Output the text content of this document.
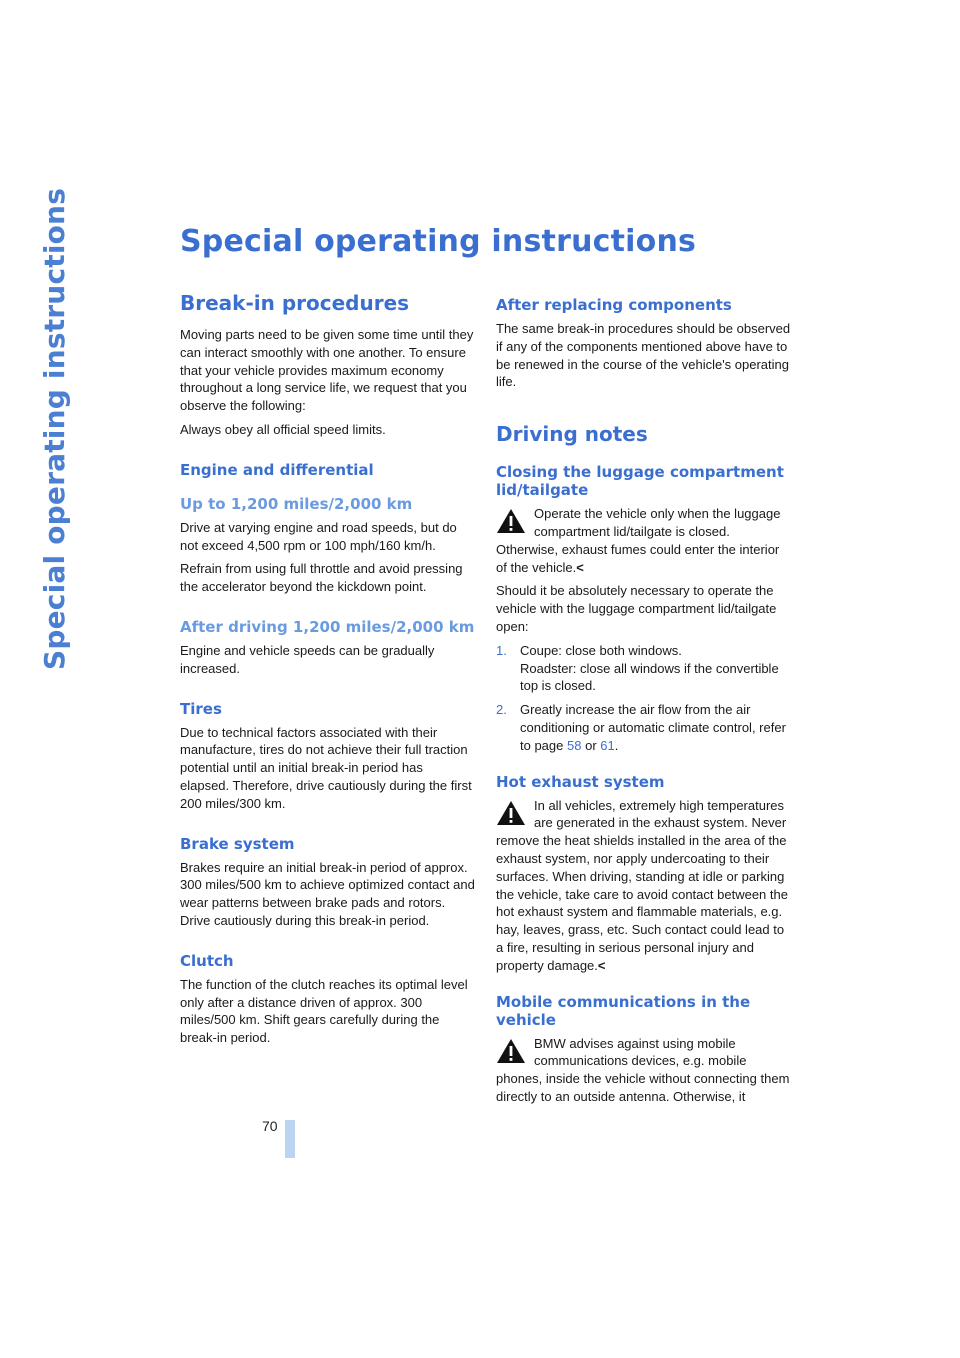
Special operating instructions	Special operating instructions
Break-in procedures

Moving parts need to be given some time until they can interact smoothly with one another. To ensure that your vehicle provides maximum economy throughout a long service life, we request that you observe the following:

Always obey all official speed limits.

Engine and differential
Up to 1,200 miles/2,000 km

Drive at varying engine and road speeds, but do not exceed 4,500 rpm or 100 mph/160 km/h.

Refrain from using full throttle and avoid pressing the accelerator beyond the kickdown point.

After driving 1,200 miles/2,000 km

Engine and vehicle speeds can be gradually increased.

Tires

Due to technical factors associated with their manufacture, tires do not achieve their full traction potential until an initial break-in period has elapsed. Therefore, drive cautiously during the first 200 miles/300 km.

Brake system

Brakes require an initial break-in period of approx. 300 miles/500 km to achieve optimized contact and wear patterns between brake pads and rotors. Drive cautiously during this break-in period.

Clutch

The function of the clutch reaches its optimal level only after a distance driven of approx. 300 miles/500 km. Shift gears carefully during the break-in period.

After replacing components

The same break-in procedures should be observed if any of the components mentioned above have to be renewed in the course of the vehicle's operating life.

Driving notes
Closing the luggage compartment lid/tailgate

Operate the vehicle only when the luggage compartment lid/tailgate is closed. Otherwise, exhaust fumes could enter the interior of the vehicle.<

Should it be absolutely necessary to operate the vehicle with the luggage compartment lid/tailgate open:

1. Coupe: close both windows.
Roadster: close all windows if the convertible top is closed.
2. Greatly increase the air flow from the air conditioning or automatic climate control, refer to page 58 or 61.
Hot exhaust system

In all vehicles, extremely high temperatures are generated in the exhaust system. Never remove the heat shields installed in the area of the exhaust system, nor apply undercoating to their surfaces. When driving, standing at idle or parking the vehicle, take care to avoid contact between the hot exhaust system and flammable materials, e.g. hay, leaves, grass, etc. Such contact could lead to a fire, resulting in serious personal injury and property damage.<

Mobile communications in the vehicle

BMW advises against using mobile communications devices, e.g. mobile phones, inside the vehicle without connecting them directly to an outside antenna. Otherwise, it

70
